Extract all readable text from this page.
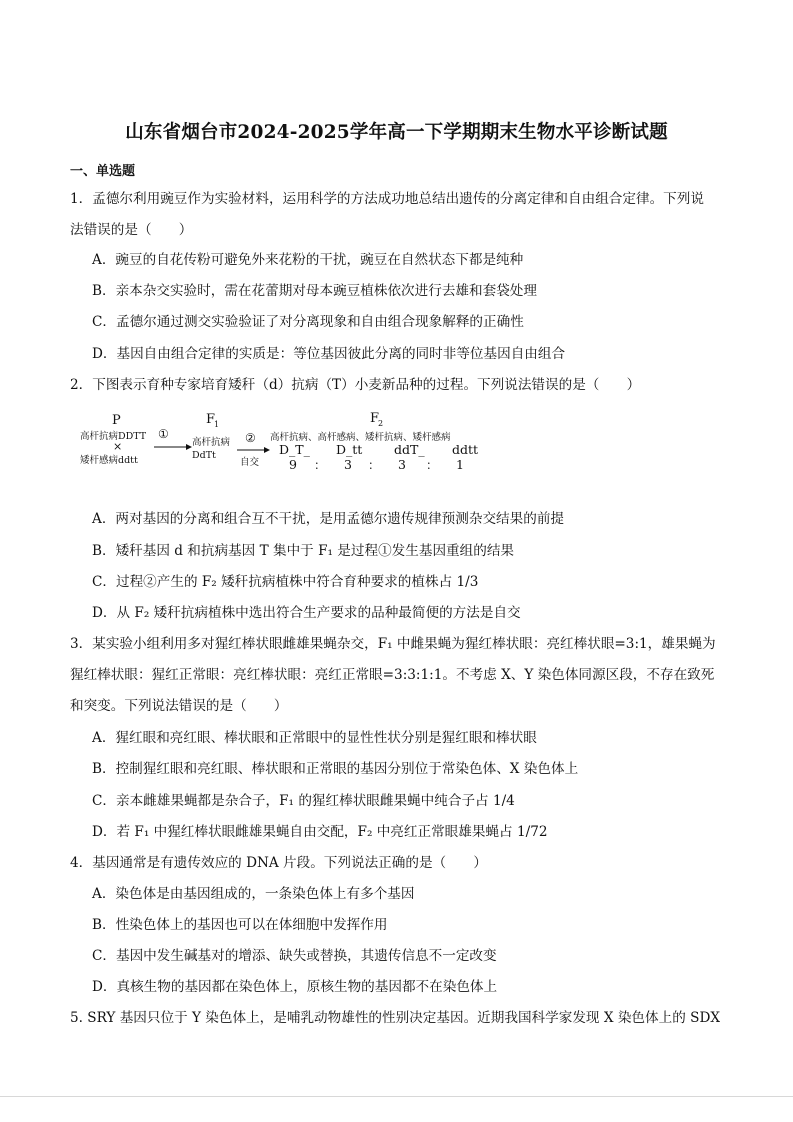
山东省烟台市2024-2025学年高一下学期期末生物水平诊断试题
一、单选题
1．孟德尔利用豌豆作为实验材料，运用科学的方法成功地总结出遗传的分离定律和自由组合定律。下列说
法错误的是（　　）
A．豌豆的自花传粉可避免外来花粉的干扰，豌豆在自然状态下都是纯种
B．亲本杂交实验时，需在花蕾期对母本豌豆植株依次进行去雄和套袋处理
C．孟德尔通过测交实验验证了对分离现象和自由组合现象解释的正确性
D．基因自由组合定律的实质是：等位基因彼此分离的同时非等位基因自由组合
2．下图表示育种专家培育矮秆（d）抗病（T）小麦新品种的过程。下列说法错误的是（　　）
P
高杆抗病DDTT
×
矮杆感病ddtt
①
F
1
高杆抗病
DdTt
②
自交
F
2
高杆抗病、高杆感病、矮杆抗病、矮杆感病
D_T_ D_tt	ddT_ ddtt
9 ： 3 ： 3 ： 1
A．两对基因的分离和组合互不干扰，是用孟德尔遗传规律预测杂交结果的前提
B．矮秆基因 d 和抗病基因 T 集中于 F₁ 是过程①发生基因重组的结果
C．过程②产生的 F₂ 矮秆抗病植株中符合育种要求的植株占 1/3
D．从 F₂ 矮秆抗病植株中选出符合生产要求的品种最简便的方法是自交
3．某实验小组利用多对猩红棒状眼雌雄果蝇杂交，F₁ 中雌果蝇为猩红棒状眼：亮红棒状眼=3:1，雄果蝇为
猩红棒状眼：猩红正常眼：亮红棒状眼：亮红正常眼=3:3:1:1。不考虑 X、Y 染色体同源区段，不存在致死
和突变。下列说法错误的是（　　）
A．猩红眼和亮红眼、棒状眼和正常眼中的显性性状分别是猩红眼和棒状眼
B．控制猩红眼和亮红眼、棒状眼和正常眼的基因分别位于常染色体、X 染色体上
C．亲本雌雄果蝇都是杂合子，F₁ 的猩红棒状眼雌果蝇中纯合子占 1/4
D．若 F₁ 中猩红棒状眼雌雄果蝇自由交配，F₂ 中亮红正常眼雄果蝇占 1/72
4．基因通常是有遗传效应的 DNA 片段。下列说法正确的是（　　）
A．染色体是由基因组成的，一条染色体上有多个基因
B．性染色体上的基因也可以在体细胞中发挥作用
C．基因中发生碱基对的增添、缺失或替换，其遗传信息不一定改变
D．真核生物的基因都在染色体上，原核生物的基因都不在染色体上
5. SRY 基因只位于 Y 染色体上，是哺乳动物雄性的性别决定基因。近期我国科学家发现 X 染色体上的 SDX
